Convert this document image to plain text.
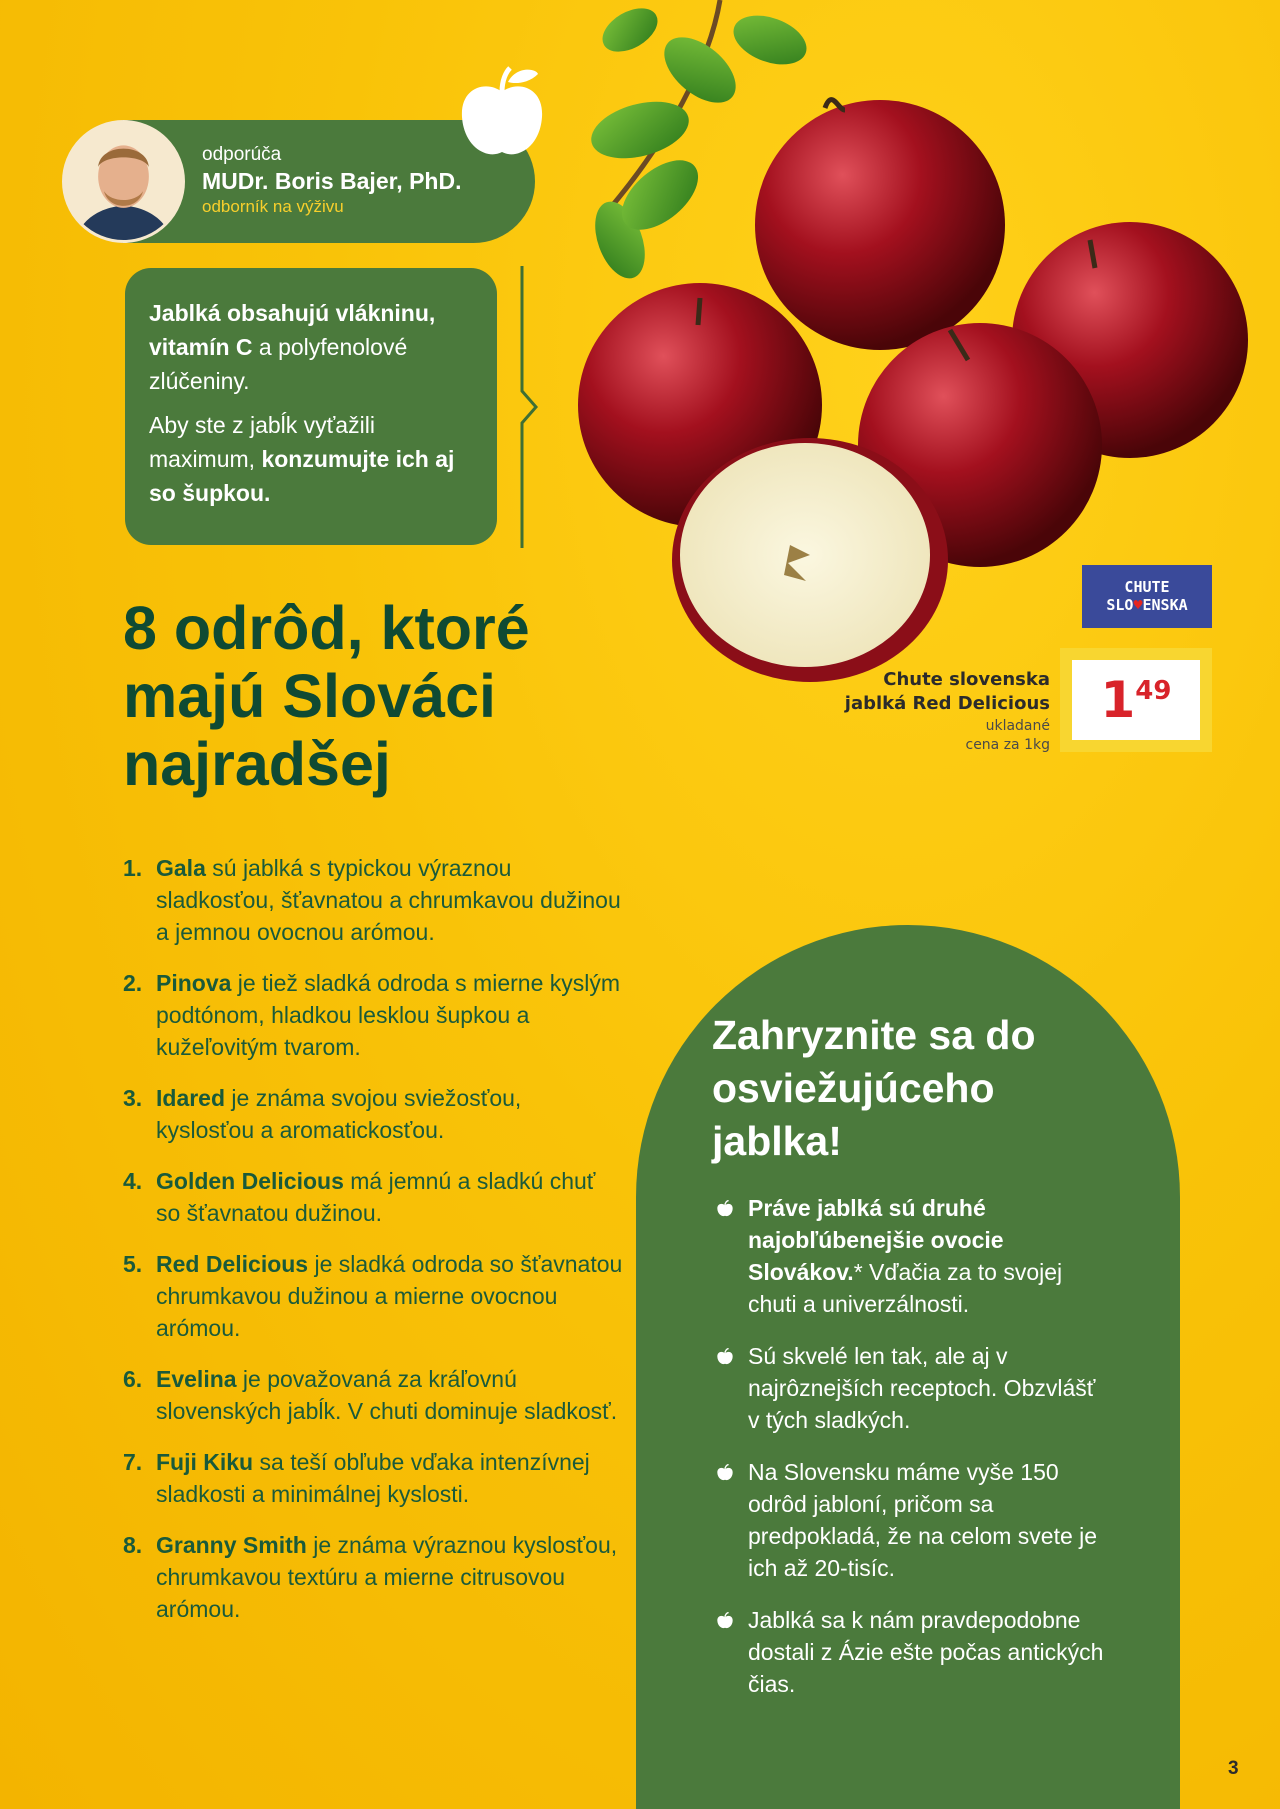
odporúča
MUDr. Boris Bajer, PhD.
odborník na výživu

Jablká obsahujú vlákninu,
vitamín C a polyfenolové zlúčeniny.

Aby ste z jabĺk vyťažili maximum, konzumujte ich aj so šupkou.

8 odrôd, ktoré majú Slováci najradšej
1. Gala sú jablká s typickou výraznou sladkosťou, šťavnatou a chrumkavou dužinou a jemnou ovocnou arómou.
2. Pinova je tiež sladká odroda s mierne kyslým podtónom, hladkou lesklou šupkou a kužeľovitým tvarom.
3. Idared je známa svojou sviežosťou, kyslosťou a aromatickosťou.
4. Golden Delicious má jemnú a sladkú chuť so šťavnatou dužinou.
5. Red Delicious je sladká odroda so šťavnatou chrumkavou dužinou a mierne ovocnou arómou.
6. Evelina je považovaná za kráľovnú slovenských jabĺk. V chuti dominuje sladkosť.
7. Fuji Kiku sa teší obľube vďaka intenzívnej sladkosti a minimálnej kyslosti.
8. Granny Smith je známa výraznou kyslosťou, chrumkavou textúru a mierne citrusovou arómou.
CHUTE
SLO♥ENSKA
Chute slovenska
jablká Red Delicious
ukladané
cena za 1kg
149
Zahryznite sa do osviežujúceho jablka!
Práve jablká sú druhé najobľúbenejšie ovocie Slovákov.* Vďačia za to svojej chuti a univerzálnosti.
Sú skvelé len tak, ale aj v najrôznejších receptoch. Obzvlášť v tých sladkých.
Na Slovensku máme vyše 150 odrôd jabloní, pričom sa predpokladá, že na celom svete je ich až 20-tisíc.
Jablká sa k nám pravdepodobne dostali z Ázie ešte počas antických čias.
3
